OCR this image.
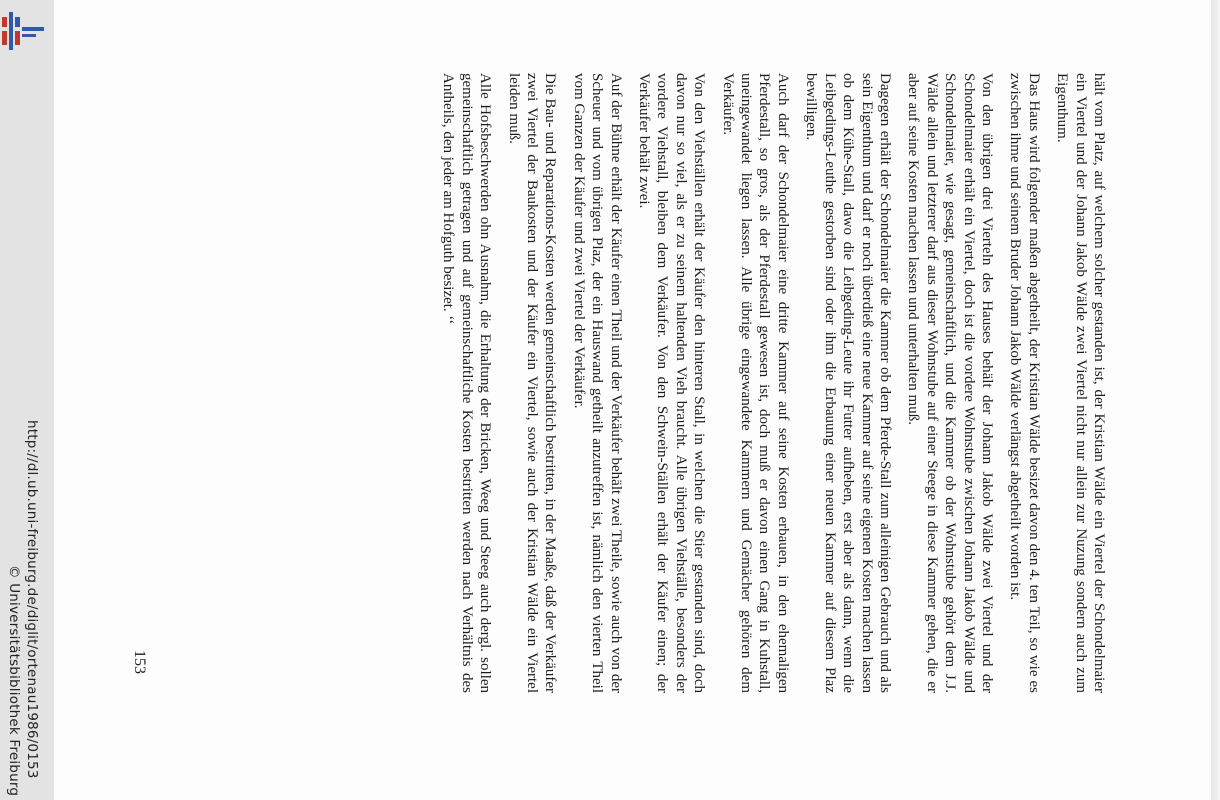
http://dl.ub.uni-freiburg.de/diglit/ortenau1986/0153
© Universitätsbibliothek Freiburg	hält vom Platz, auf welchem solcher gestanden ist, der Kristian Wälde ein Viertel der Schondelmaier ein Viertel und der Johann Jakob Wälde zwei Viertel nicht nur allein zur Nuzung sondern auch zum Eigenthum.

Das Haus wird folgender maßen abgetheilt, der Kristian Wälde besizet davon den 4. ten Teil, so wie es zwischen ihme und seinem Bruder Johann Jakob Wälde verlängst abgetheilt worden ist.

Von den übrigen drei Vierteln des Hauses behält der Johann Jakob Wälde zwei Viertel und der Schondelmaier erhält ein Viertel, doch ist die vordere Wohnstube zwischen Johann Jakob Wälde und Schondelmaier, wie gesagt, gemeinschaftlich, und die Kammer ob der Wohnstube gehört dem J.J. Wälde allein und letzterer darf aus dieser Wohnstube auf einer Steege in diese Kammer gehen, die er aber auf seine Kosten machen lassen und unterhalten muß.

Dagegen erhält der Schondelmaier die Kammer ob dem Pferde-Stall zum alleinigen Gebrauch und als sein Eigenthum und darf er noch überdieß eine neue Kammer auf seine eigenen Kosten machen lassen ob dem Kühe-Stall, dawo die Leibgeding-Leute ihr Futter aufheben, erst aber als dann, wenn die Leibgedings-Leuthe gestorben sind oder ihm die Erbauung einer neuen Kammer auf diesem Plaz bewilligen.

Auch darf der Schondelmaier eine dritte Kammer auf seine Kosten erbauen, in den ehemaligen Pferdestall, so gros, als der Pferdestall gewesen ist, doch muß er davon einen Gang in Kuhstall, uneingewandet liegen lassen. Alle übrige eingewandete Kammern und Gemächer gehören dem Verkäufer.

Von den Viehställen erhält der Käufer den hinteren Stall, in welchen die Stier gestanden sind, doch davon nur so viel, als er zu seinem haltenden Vieh braucht. Alle übrigen Viehställe, besonders der vordere Viehstall, bleiben dem Verkäufer. Von den Schwein-Ställen erhält der Käufer einen; der Verkäufer behält zwei.

Auf der Bühne erhält der Käufer einen Theil und der Verkäufer behält zwei Theile, sowie auch von der Scheuer und vom übrigen Plaz, der ein Hauswand getheilt anzutreffen ist, nämlich den vierten Theil vom Ganzen der Käufer und zwei Viertel der Verkäufer.

Die Bau- und Reparations-Kosten werden gemeinschaftlich bestritten, in der Maaße, daß der Verkäufer zwei Viertel der Baukosten und der Käufer ein Viertel, sowie auch der Kristian Wälde ein Viertel leiden muß.

Alle Hofsbeschwerden ohn Ausnahm, die Erhaltung der Bricken, Weeg und Steeg auch dergl. sollen gemeinschaftlich getragen und auf gemeinschaftliche Kosten bestritten werden nach Verhältnis des Antheils, den jeder am Hofguth besizet. ‘‘

153
